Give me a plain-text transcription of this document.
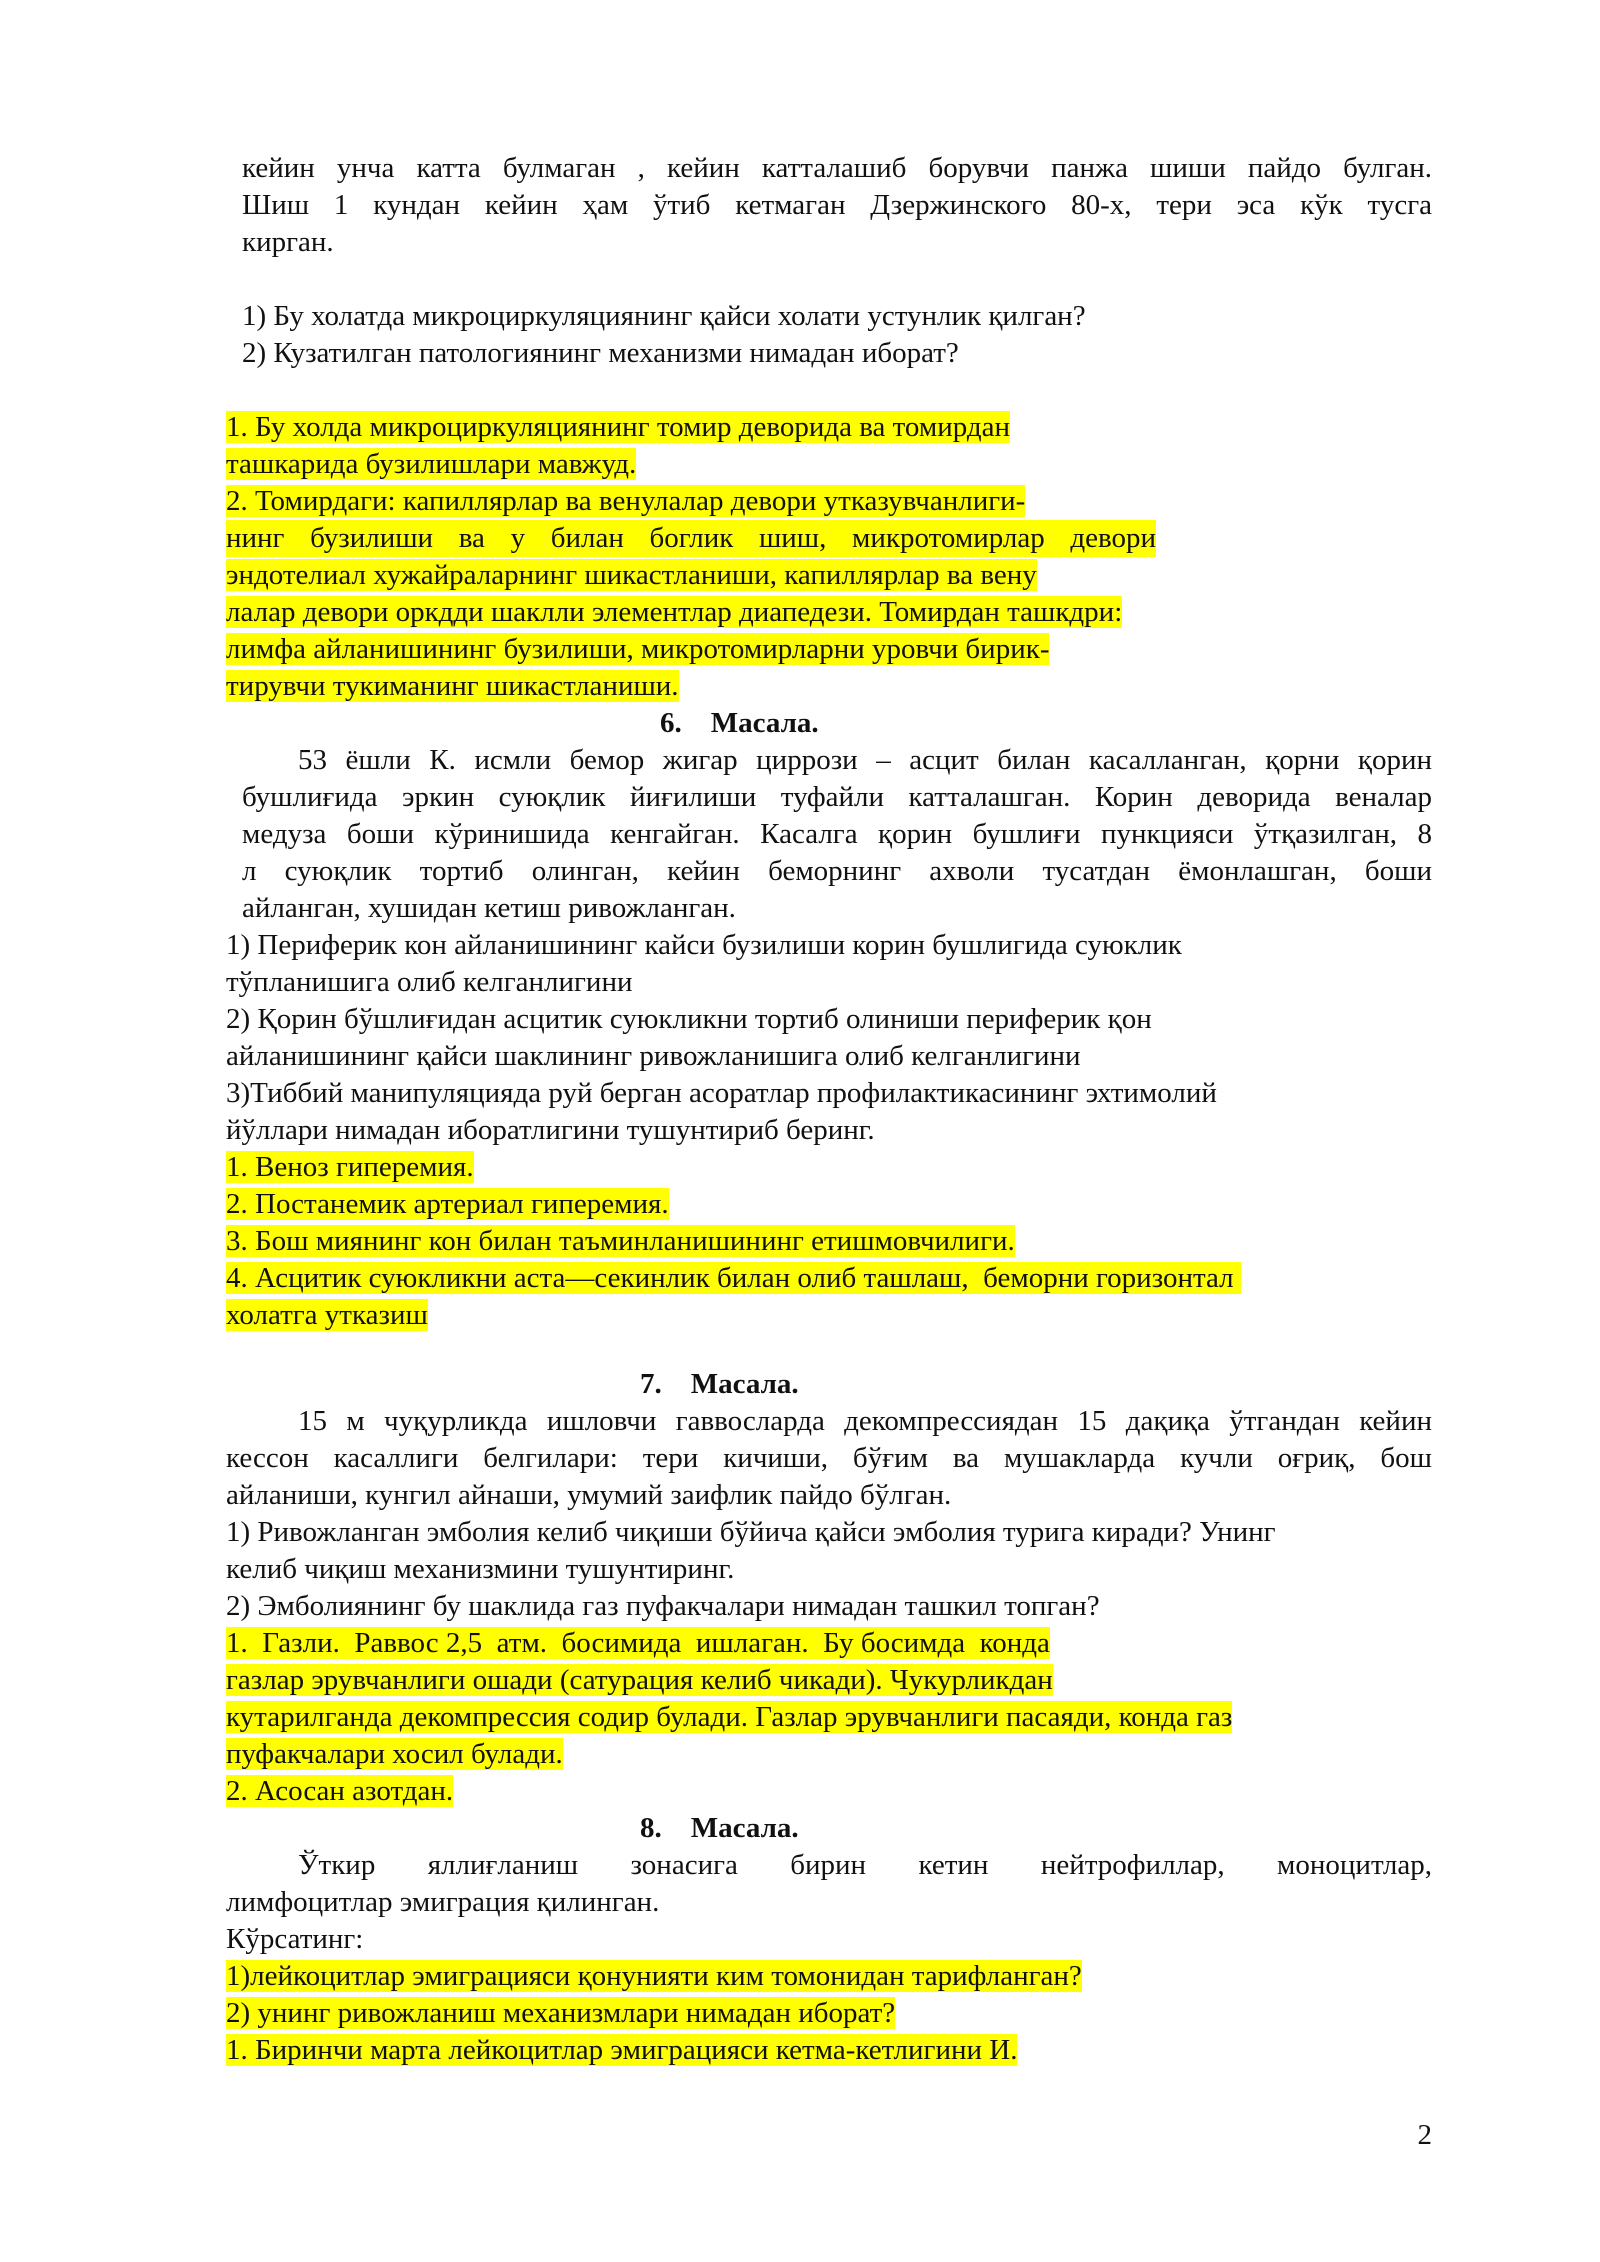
кейин унча катта булмаган , кейин катталашиб борувчи панжа шиши пайдо булган.
Шиш 1 кундан кейин ҳам ўтиб кетмаган Дзержинского 80-х, тери эса кўк тусга
кирган.
1) Бу холатда микроциркуляциянинг қайси холати устунлик қилган?
2) Кузатилган патологиянинг механизми нимадан иборат?
1. Бу холда микроциркуляциянинг томир деворида ва томирдан
ташкарида бузилишлари мавжуд.
2. Томирдаги: капиллярлар ва венулалар девори утказувчанлиги-
нинг бузилиши ва у билан боглик шиш, микротомирлар девори
эндотелиал хужайраларнинг шикастланиши, капиллярлар ва вену
лалар девори оркдди шаклли элементлар диапедези. Томирдан ташкдри:
лимфа айланишининг бузилиши, микротомирларни уровчи бирик-
тирувчи тукиманинг шикастланиши.
6. Масала.
53 ёшли К. исмли бемор жигар циррози – асцит билан касалланган, қорни қорин
бушлиғида эркин суюқлик йиғилиши туфайли катталашган. Корин деворида веналар
медуза боши кўринишида кенгайган. Касалга қорин бушлиғи пункцияси ўтқазилган, 8
л суюқлик тортиб олинган, кейин беморнинг ахволи тусатдан ёмонлашган, боши
айланган, хушидан кетиш ривожланган.
1) Периферик кон айланишининг кайси бузилиши корин бушлигида суюклик
тўпланишига олиб келганлигини
2) Қорин бўшлиғидан асцитик суюкликни тортиб олиниши периферик қон
айланишининг қайси шаклининг ривожланишига олиб келганлигини
3)Тиббий манипуляцияда руй берган асоратлар профилактикасининг эхтимолий
йўллари нимадан иборатлигини тушунтириб беринг.
1. Веноз гиперемия.
2. Постанемик артериал гиперемия.
3. Бош миянинг кон билан таъминланишининг етишмовчилиги.
4. Асцитик суюкликни аста—секинлик билан олиб ташлаш,  беморни горизонтал
холатга утказиш
7. Масала.
15 м чуқурликда ишловчи гаввосларда декомпрессиядан 15 дақиқа ўтгандан кейин
кессон касаллиги белгилари: тери кичиши, бўғим ва мушакларда кучли оғриқ, бош
айланиши, кунгил айнаши, умумий заифлик пайдо бўлган.
1) Ривожланган эмболия келиб чиқиши бўйича қайси эмболия турига киради? Унинг
келиб чиқиш механизмини тушунтиринг.
2) Эмболиянинг бу шаклида газ пуфакчалари нимадан ташкил топган?
1.  Газли.  Раввос 2,5  атм.  босимида  ишлаган.  Бу босимда  конда
газлар эрувчанлиги ошади (сатурация келиб чикади). Чукурликдан
кутарилганда декомпрессия содир булади. Газлар эрувчанлиги пасаяди, конда газ
пуфакчалари хосил булади.
2. Асосан азотдан.
8. Масала.
Ўткир яллиғланиш зонасига бирин кетин нейтрофиллар, моноцитлар,
лимфоцитлар эмиграция қилинган.
Кўрсатинг:
1)лейкоцитлар эмиграцияси қонунияти ким томонидан тарифланган?
2) унинг ривожланиш механизмлари нимадан иборат?
1. Биринчи марта лейкоцитлар эмиграцияси кетма-кетлигини И.
2
